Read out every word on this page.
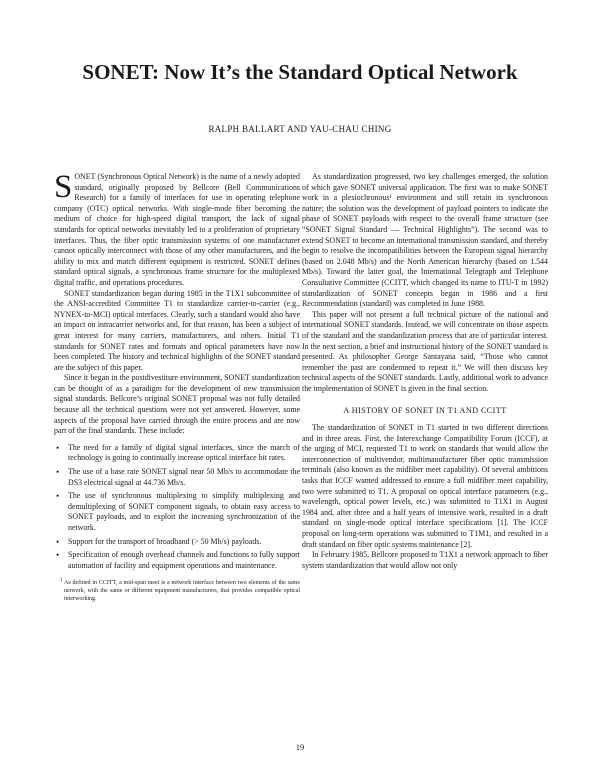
SONET: Now It’s the Standard Optical Network
RALPH BALLART AND YAU-CHAU CHING

SONET (Synchronous Optical Network) is the name of a newly adopted standard, originally proposed by Bellcore (Bell Communications Research) for a family of interfaces for use in operating telephone company (OTC) optical networks. With single-mode fiber becoming the medium of choice for high-speed digital transport, the lack of signal standards for optical networks inevitably led to a proliferation of proprietary interfaces. Thus, the fiber optic transmission systems of one manufacturer cannot optically interconnect with those of any other manufacturers, and the ability to mix and match different equipment is restricted. SONET defines standard optical signals, a synchronous frame structure for the multiplexed digital traffic, and operations procedures.

SONET standardization began during 1985 in the T1X1 subcommittee of the ANSI-accredited Committee T1 to standardize carrier-to-carrier (e.g., NYNEX-to-MCI) optical interfaces. Clearly, such a standard would also have an impact on intracarrier networks and, for that reason, has been a subject of great interest for many carriers, manufacturers, and others. Initial T1 standards for SONET rates and formats and optical parameters have now been completed. The history and technical highlights of the SONET standard are the subject of this paper.

Since it began in the postdivestiture environment, SONET standardization can be thought of as a paradigm for the development of new transmission signal standards. Bellcore’s original SONET proposal was not fully detailed because all the technical questions were not yet answered. However, some aspects of the proposal have carried through the entire process and are now part of the final standards. These include:

• The need for a family of digital signal interfaces, since the march of technology is going to continually increase optical interface bit rates.
• The use of a base rate SONET signal near 50 Mb/s to accommodate the DS3 electrical signal at 44.736 Mb/s.
• The use of synchronous multiplexing to simplify multiplexing and demultiplexing of SONET component signals, to obtain easy access to SONET payloads, and to exploit the increasing synchronization of the network.
• Support for the transport of broadband (> 50 Mb/s) payloads.
• Specification of enough overhead channels and functions to fully support automation of facility and equipment operations and maintenance.
$^1$ As defined in CCITT, a mid-span meet is a network interface between two elements of the same network, with the same or different equipment manufacturers, that provides compatible optical interworking.

As standardization progressed, two key challenges emerged, the solution of which gave SONET universal application. The first was to make SONET work in a plesiochronous¹ environment and still retain its synchronous nature; the solution was the development of payload pointers to indicate the phase of SONET payloads with respect to the overall frame structure (see “SONET Signal Standard — Technical Highlights”). The second was to extend SONET to become an international transmission standard, and thereby begin to resolve the incompatibilities between the European signal hierarchy (based on 2.048 Mb/s) and the North American hierarchy (based on 1.544 Mb/s). Toward the latter goal, the International Telegraph and Telephone Consultative Committee (CCITT, which changed its name to ITU-T in 1992) standardization of SONET concepts began in 1986 and a first Recommendation (standard) was completed in June 1988.

This paper will not present a full technical picture of the national and international SONET standards. Instead, we will concentrate on those aspects of the standard and the standardization process that are of particular interest. In the next section, a brief and instructional history of the SONET standard is presented. As philosopher George Santayana said, “Those who cannot remember the past are condemned to repeat it.” We will then discuss key technical aspects of the SONET standards. Lastly, additional work to advance the implementation of SONET is given in the final section.

A HISTORY OF SONET IN T1 AND CCITT

The standardization of SONET in T1 started in two different directions and in three areas. First, the Interexchange Compatibility Forum (ICCF), at the urging of MCI, requested T1 to work on standards that would allow the interconnection of multivendor, multimanufacturer fiber optic transmission terminals (also known as the midfiber meet capability). Of several ambitions tasks that ICCF wanted addressed to ensure a full midfiber meet capability, two were submitted to T1. A proposal on optical interface parameters (e.g., wavelength, optical power levels, etc.) was submitted to T1X1 in August 1984 and, after three and a half years of intensive work, resulted in a draft standard on single-mode optical interface specifications [1]. The ICCF proposal on long-term operations was submitted to T1M1, and resulted in a draft standard on fiber optic systems maintenance [2].

In February 1985, Bellcore proposed to T1X1 a network approach to fiber system standardization that would allow not only

19
